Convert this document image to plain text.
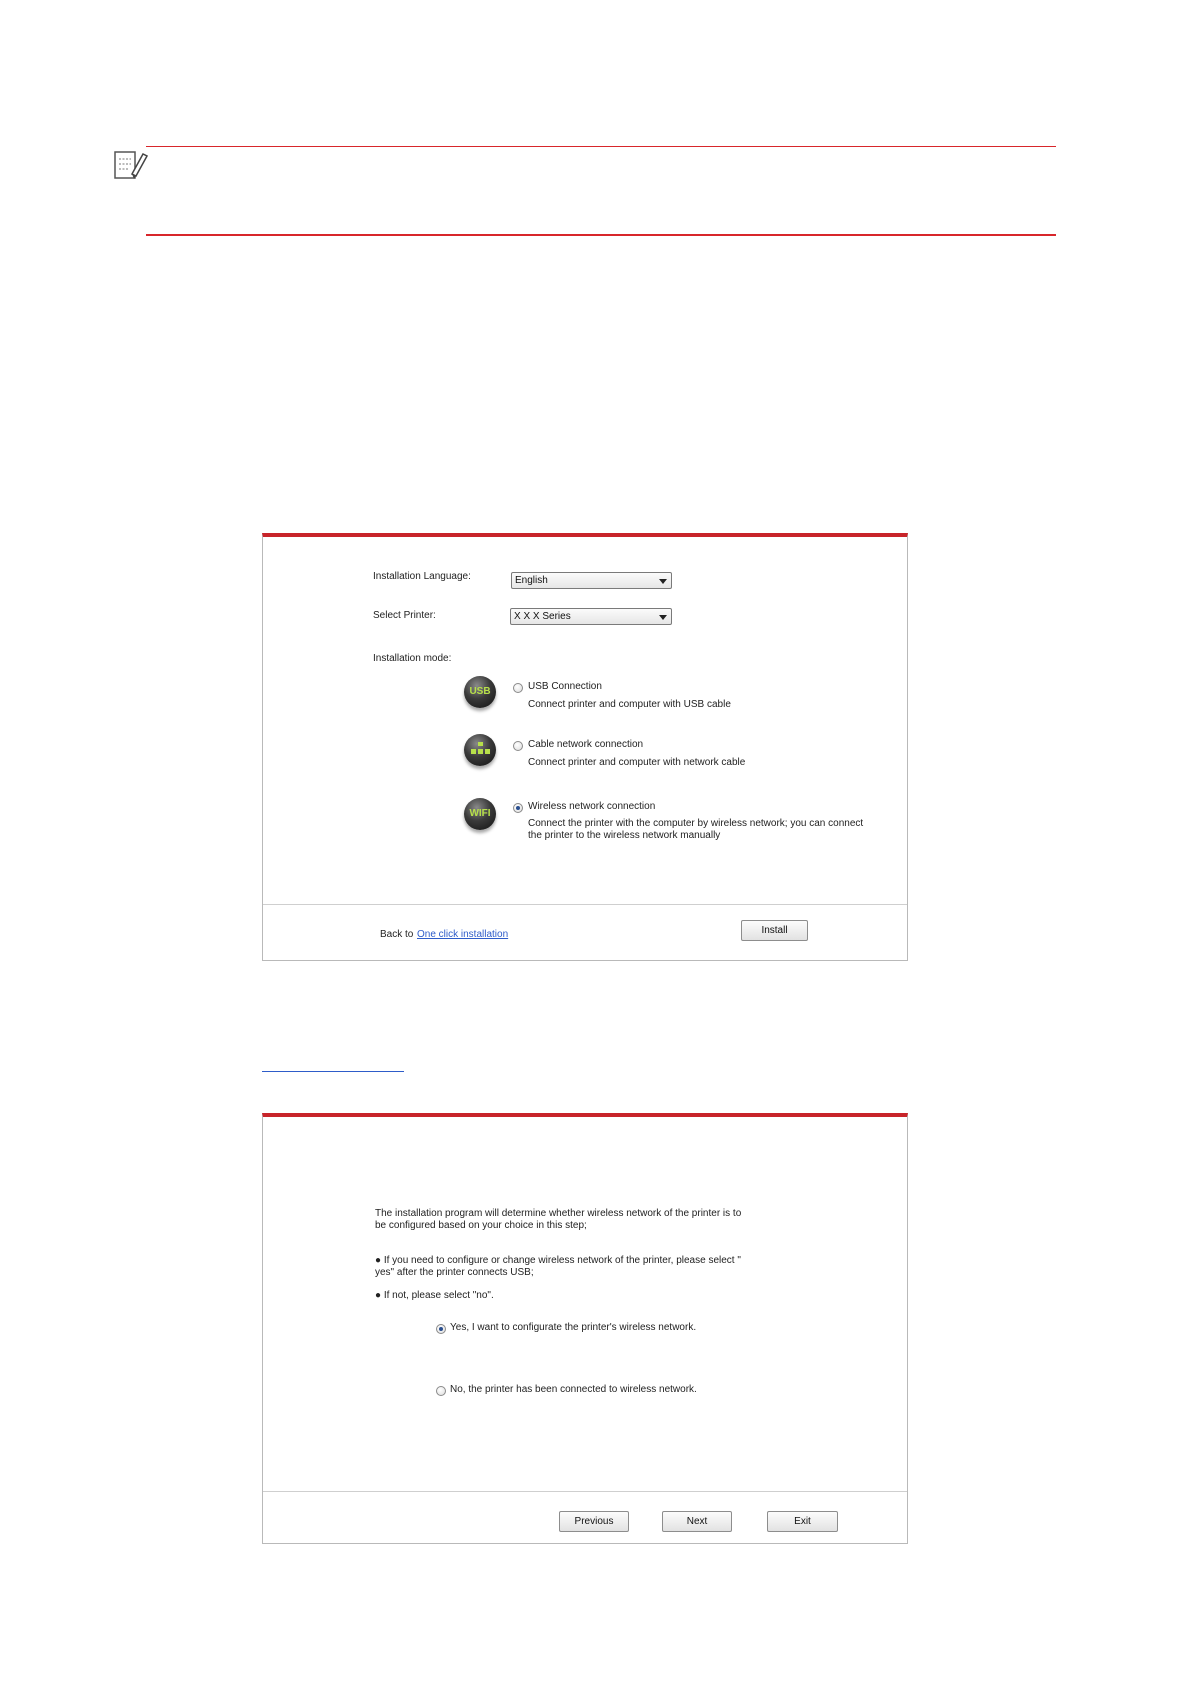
Installation Language:	English
Select Printer:	X X X Series
Installation mode:
USB	USB Connection
Connect printer and computer with USB cable
Cable network connection
Connect printer and computer with network cable
WIFI
Wireless network connection
Connect the printer with the computer by wireless network; you can connect the printer to the wireless network manually
Back to One click installation	Install
The installation program will determine whether wireless network of the printer is to be configured based on your choice in this step;
● If you need to configure or change wireless network of the printer, please select " yes" after the printer connects USB;
● If not, please select "no".
Yes, I want to configurate the printer's wireless network.
No, the printer has been connected to wireless network.
Previous	Next	Exit
